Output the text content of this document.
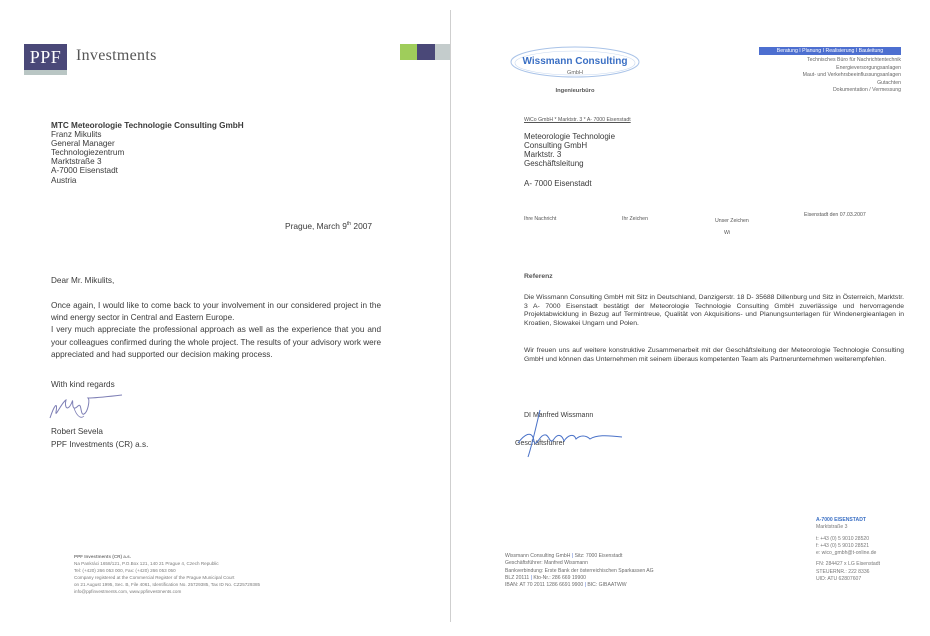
PPF Investments
MTC Meteorologie Technologie Consulting GmbH
Franz Mikulits
General Manager
Technologiezentrum
Marktstraße 3
A-7000 Eisenstadt
Austria
Prague, March 9th 2007
Dear Mr. Mikulits,
Once again, I would like to come back to your involvement in our considered project in the wind energy sector in Central and Eastern Europe.
I very much appreciate the professional approach as well as the experience that you and your colleagues confirmed during the whole project. The results of your advisory work were appreciated and had supported our decision making process.
With kind regards
Robert Sevela
PPF Investments (CR) a.s.
PPF Investments (CR) a.s.
Na Pankráci 1658/121, P.O.Box 121, 140 21 Prague 4, Czech Republic
Tel: (+420) 266 053 000, Fax: (+420) 266 053 050
Company registered at the Commercial Register of the Prague Municipal Court
on 21 August 1995, Sec. B, File 4061, Identification No. 25729385, Tax ID No. CZ25729385
info@ppfinvestments.com, www.ppfinvestments.com
Wissmann Consulting
GmbH
Ingenieurbüro
Beratung I Planung I Realisierung I Bauleitung
Technisches Büro für Nachrichtentechnik
Energieversorgungsanlagen
Maut- und Verkehrsbeeinflussungsanlagen
Gutachten
Dokumentation / Vermessung
WiCo GmbH * Marktstr. 3 * A- 7000 Eisenstadt
Meteorologie Technologie
Consulting GmbH
Marktstr. 3
Geschäftsleitung
A- 7000 Eisenstadt
Ihre Nachricht	Ihr Zeichen	Unser Zeichen
Wi
Eisenstadt den 07.03.2007
Referenz
Die Wissmann Consulting GmbH mit Sitz in Deutschland, Danzigerstr. 18 D- 35688 Dillenburg und Sitz in Österreich, Marktstr. 3 A- 7000 Eisenstadt bestätigt der Meteorologie Technologie Consulting GmbH zuverlässige und hervorragende Projektabwicklung in Bezug auf Termintreue, Qualität von Akquisitions- und Planungsunterlagen für Windenergieanlagen in Kroatien, Slowakei Ungarn und Polen.
Wir freuen uns auf weitere konstruktive Zusammenarbeit mit der Geschäftsleitung der Meteorologie Technologie Consulting GmbH und können das Unternehmen mit seinem überaus kompetenten Team als Partnerunternehmen weiterempfehlen.
DI Manfred Wissmann
Geschäftsführer
Wissmann Consulting GmbH | Sitz: 7000 Eisenstadt
Geschäftsführer: Manfred Wissmann
Bankverbindung: Erste Bank der österreichischen Sparkassen AG
BLZ 20111 | Kto-Nr.: 286 669 19900
IBAN: AT 70 2011 1286 6691 9900 | BIC: GIBAATWW
A-7000 EISENSTADT
Marktstraße 3
t: +43 (0) 5 9010 28520
f: +43 (0) 5 9010 28521
e: wico_gmbh@t-online.de
FN: 284427 x LG Eisenstadt
STEUERNR.: 222 8336
UID: ATU 62807607
